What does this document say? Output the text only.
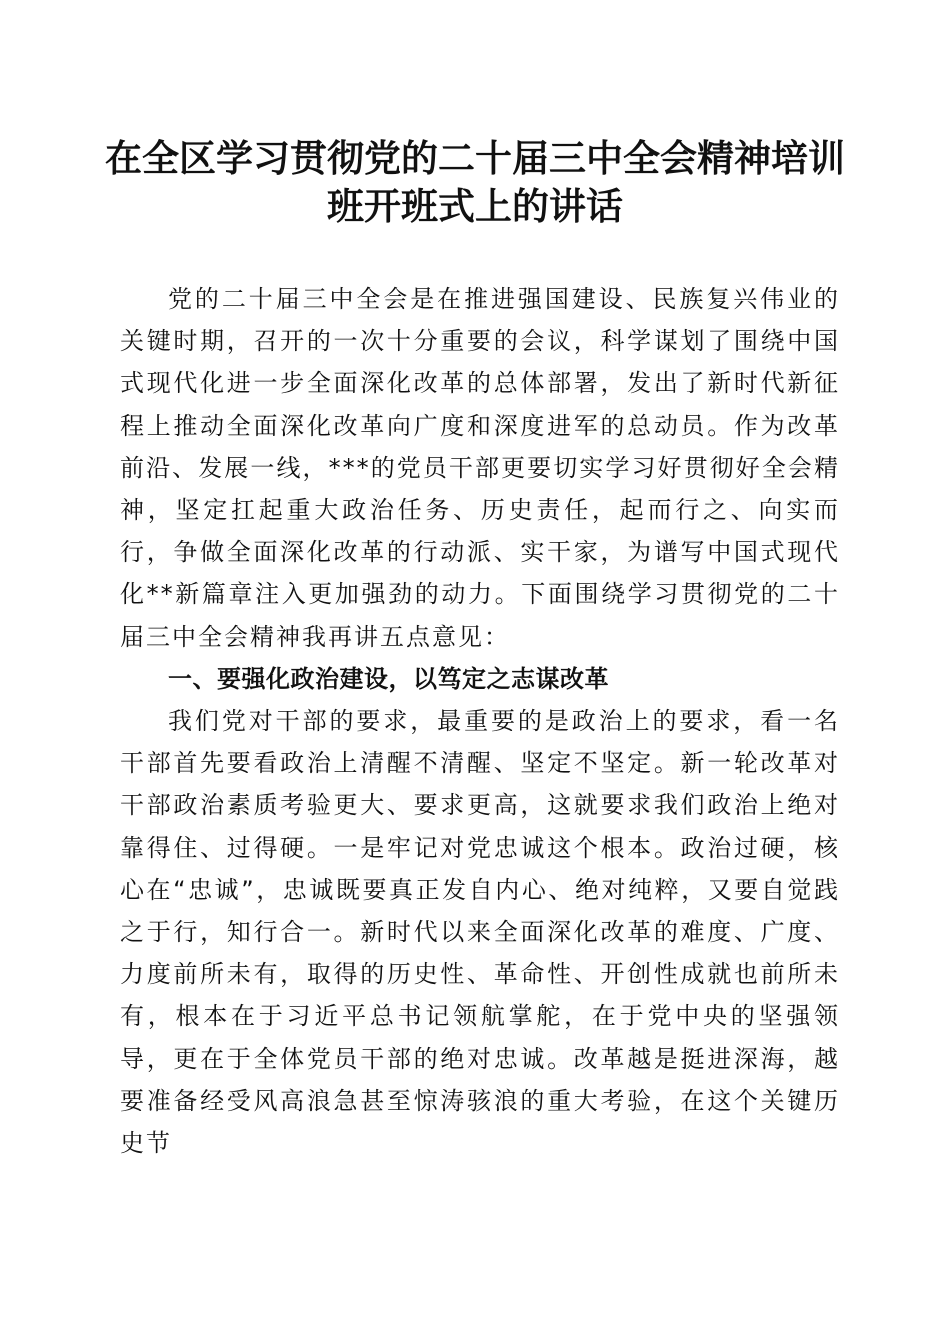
在全区学习贯彻党的二十届三中全会精神培训
班开班式上的讲话

党的二十届三中全会是在推进强国建设、民族复兴伟业的关键时期，召开的一次十分重要的会议，科学谋划了围绕中国式现代化进一步全面深化改革的总体部署，发出了新时代新征程上推动全面深化改革向广度和深度进军的总动员。作为改革前沿、发展一线，***的党员干部更要切实学习好贯彻好全会精神，坚定扛起重大政治任务、历史责任，起而行之、向实而行，争做全面深化改革的行动派、实干家，为谱写中国式现代化**新篇章注入更加强劲的动力。下面围绕学习贯彻党的二十届三中全会精神我再讲五点意见：

一、要强化政治建设，以笃定之志谋改革

我们党对干部的要求，最重要的是政治上的要求，看一名干部首先要看政治上清醒不清醒、坚定不坚定。新一轮改革对干部政治素质考验更大、要求更高，这就要求我们政治上绝对靠得住、过得硬。一是牢记对党忠诚这个根本。政治过硬，核心在“忠诚”，忠诚既要真正发自内心、绝对纯粹，又要自觉践之于行，知行合一。新时代以来全面深化改革的难度、广度、力度前所未有，取得的历史性、革命性、开创性成就也前所未有，根本在于习近平总书记领航掌舵，在于党中央的坚强领导，更在于全体党员干部的绝对忠诚。改革越是挺进深海，越要准备经受风高浪急甚至惊涛骇浪的重大考验，在这个关键历史节
